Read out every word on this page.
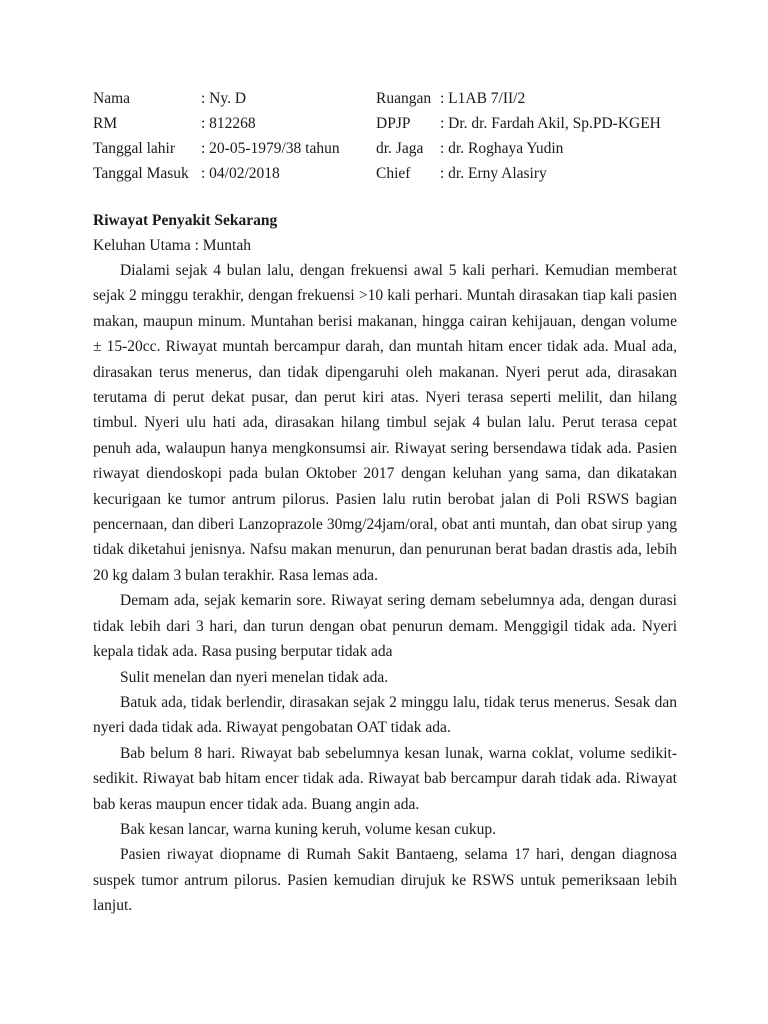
Nama	: Ny. D	Ruangan : L1AB 7/II/2
RM	: 812268	DPJP	: Dr. dr. Fardah Akil, Sp.PD-KGEH
Tanggal lahir	: 20-05-1979/38 tahun	dr. Jaga	: dr. Roghaya Yudin
Tanggal Masuk : 04/02/2018	Chief	: dr. Erny Alasiry
Riwayat Penyakit Sekarang
Keluhan Utama : Muntah

Dialami sejak 4 bulan lalu, dengan frekuensi awal 5 kali perhari. Kemudian memberat sejak 2 minggu terakhir, dengan frekuensi >10 kali perhari. Muntah dirasakan tiap kali pasien makan, maupun minum. Muntahan berisi makanan, hingga cairan kehijauan, dengan volume ± 15-20cc. Riwayat muntah bercampur darah, dan muntah hitam encer tidak ada. Mual ada, dirasakan terus menerus, dan tidak dipengaruhi oleh makanan. Nyeri perut ada, dirasakan terutama di perut dekat pusar, dan perut kiri atas. Nyeri terasa seperti melilit, dan hilang timbul. Nyeri ulu hati ada, dirasakan hilang timbul sejak 4 bulan lalu. Perut terasa cepat penuh ada, walaupun hanya mengkonsumsi air. Riwayat sering bersendawa tidak ada. Pasien riwayat diendoskopi pada bulan Oktober 2017 dengan keluhan yang sama, dan dikatakan kecurigaan ke tumor antrum pilorus. Pasien lalu rutin berobat jalan di Poli RSWS bagian pencernaan, dan diberi Lanzoprazole 30mg/24jam/oral, obat anti muntah, dan obat sirup yang tidak diketahui jenisnya. Nafsu makan menurun, dan penurunan berat badan drastis ada, lebih 20 kg dalam 3 bulan terakhir. Rasa lemas ada.

Demam ada, sejak kemarin sore. Riwayat sering demam sebelumnya ada, dengan durasi tidak lebih dari 3 hari, dan turun dengan obat penurun demam. Menggigil tidak ada. Nyeri kepala tidak ada. Rasa pusing berputar tidak ada

Sulit menelan dan nyeri menelan tidak ada.

Batuk ada, tidak berlendir, dirasakan sejak 2 minggu lalu, tidak terus menerus. Sesak dan nyeri dada tidak ada. Riwayat pengobatan OAT tidak ada.

Bab belum 8 hari. Riwayat bab sebelumnya kesan lunak, warna coklat, volume sedikit-sedikit. Riwayat bab hitam encer tidak ada. Riwayat bab bercampur darah tidak ada. Riwayat bab keras maupun encer tidak ada. Buang angin ada.

Bak kesan lancar, warna kuning keruh, volume kesan cukup.

Pasien riwayat diopname di Rumah Sakit Bantaeng, selama 17 hari, dengan diagnosa suspek tumor antrum pilorus. Pasien kemudian dirujuk ke RSWS untuk pemeriksaan lebih lanjut.
